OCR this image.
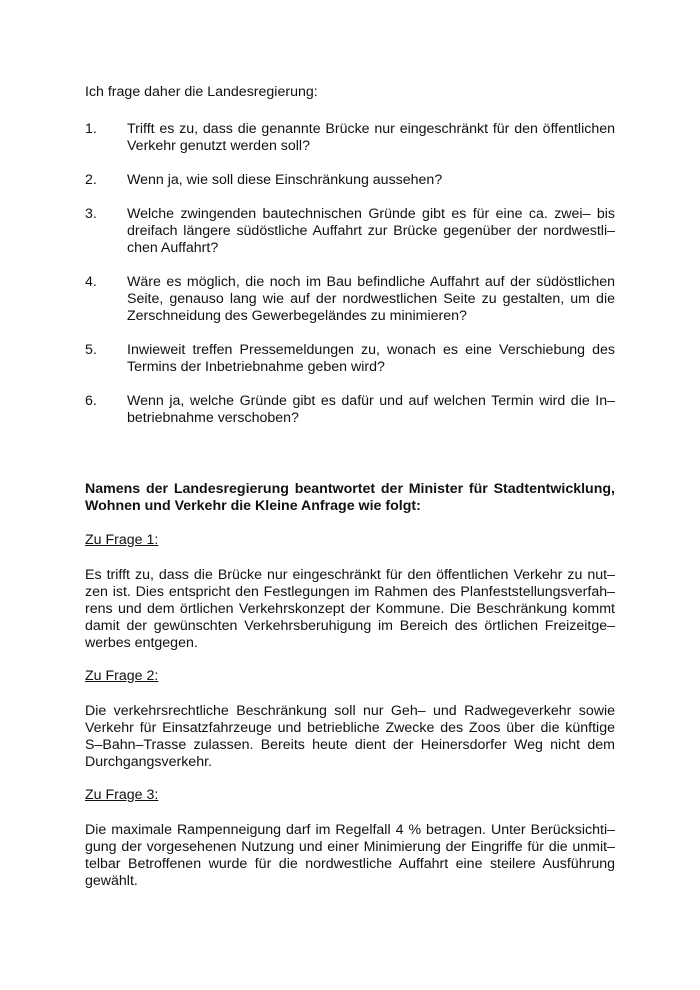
Ich frage daher die Landesregierung:

1.	Trifft es zu, dass die genannte Brücke nur eingeschränkt für den öffentlichen Verkehr genutzt werden soll?
2.	Wenn ja, wie soll diese Einschränkung aussehen?
3.	Welche zwingenden bautechnischen Gründe gibt es für eine ca. zwei– bis dreifach längere südöstliche Auffahrt zur Brücke gegenüber der nordwestli–chen Auffahrt?
4.	Wäre es möglich, die noch im Bau befindliche Auffahrt auf der südöstlichen Seite, genauso lang wie auf der nordwestlichen Seite zu gestalten, um die Zerschneidung des Gewerbegeländes zu minimieren?
5.	Inwieweit treffen Pressemeldungen zu, wonach es eine Verschiebung des Termins der Inbetriebnahme geben wird?
6.	Wenn ja, welche Gründe gibt es dafür und auf welchen Termin wird die In–betriebnahme verschoben?

Namens der Landesregierung beantwortet der Minister für Stadtentwicklung, Wohnen und Verkehr die Kleine Anfrage wie folgt:

Zu Frage 1:

Es trifft zu, dass die Brücke nur eingeschränkt für den öffentlichen Verkehr zu nut–zen ist. Dies entspricht den Festlegungen im Rahmen des Planfeststellungsverfah–rens und dem örtlichen Verkehrskonzept der Kommune. Die Beschränkung kommt damit der gewünschten Verkehrsberuhigung im Bereich des örtlichen Freizeitge–werbes entgegen.

Zu Frage 2:

Die verkehrsrechtliche Beschränkung soll nur Geh– und Radwegeverkehr sowie Verkehr für Einsatzfahrzeuge und betriebliche Zwecke des Zoos über die künftige S–Bahn–Trasse zulassen. Bereits heute dient der Heinersdorfer Weg nicht dem Durchgangsverkehr.

Zu Frage 3:

Die maximale Rampenneigung darf im Regelfall 4 % betragen. Unter Berücksichti–gung der vorgesehenen Nutzung und einer Minimierung der Eingriffe für die unmit–telbar Betroffenen wurde für die nordwestliche Auffahrt eine steilere Ausführung gewählt.
